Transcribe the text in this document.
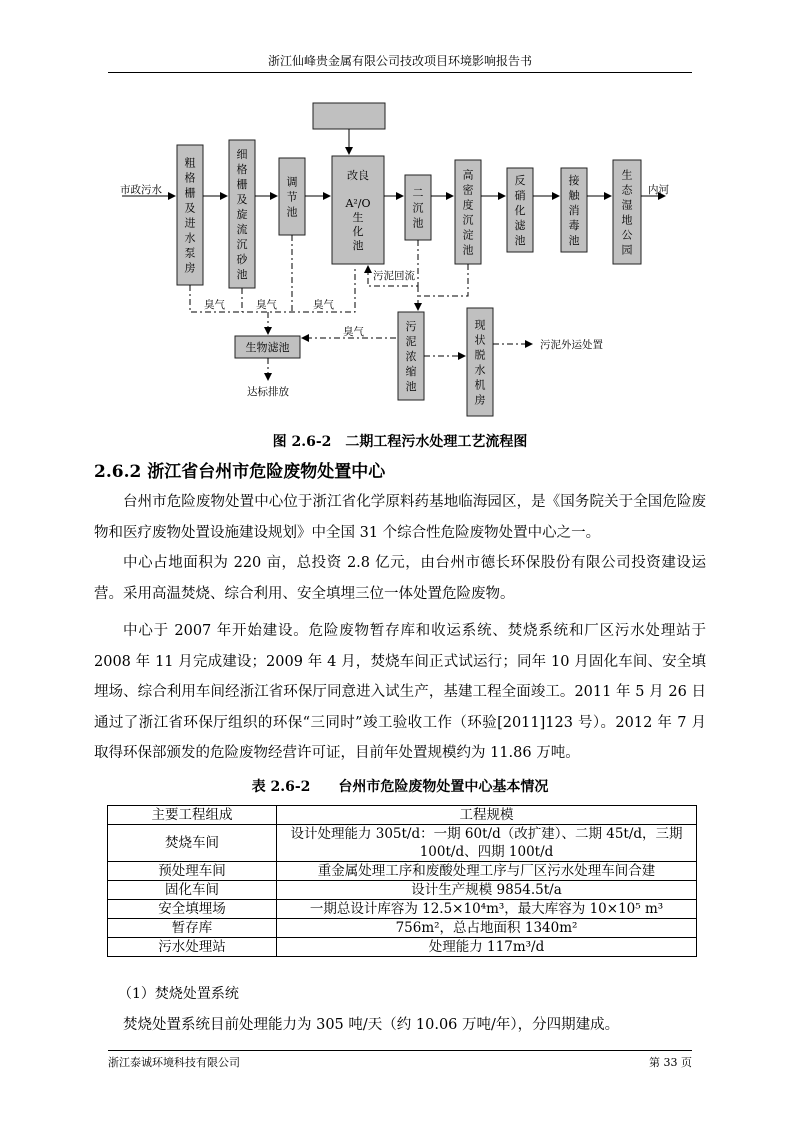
浙江仙峰贵金属有限公司技改项目环境影响报告书
粗
格
栅
及
进
水
泵
房
细
格
栅
及
旋
流
沉
砂
池
调
节
池
改良
A²/O
生
化
池
二
沉
池
高
密
度
沉
淀
池
反
硝
化
滤
池
接
触
消
毒
池
生
态
湿
地
公
园
生物滤池
污
泥
浓
缩
池
现
状
脱
水
机
房
市政污水	内河
污泥回流
污泥外运处置
臭气	臭气	臭气
臭气
达标排放
图 2.6-2　二期工程污水处理工艺流程图
2.6.2 浙江省台州市危险废物处置中心
台州市危险废物处置中心位于浙江省化学原料药基地临海园区，是《国务院关于全国危险废物和医疗废物处置设施建设规划》中全国 31 个综合性危险废物处置中心之一。
中心占地面积为 220 亩，总投资 2.8 亿元，由台州市德长环保股份有限公司投资建设运营。采用高温焚烧、综合利用、安全填埋三位一体处置危险废物。
中心于 2007 年开始建设。危险废物暂存库和收运系统、焚烧系统和厂区污水处理站于 2008 年 11 月完成建设；2009 年 4 月，焚烧车间正式试运行；同年 10 月固化车间、安全填埋场、综合利用车间经浙江省环保厅同意进入试生产，基建工程全面竣工。2011 年 5 月 26 日通过了浙江省环保厅组织的环保“三同时”竣工验收工作（环验[2011]123 号）。2012 年 7 月取得环保部颁发的危险废物经营许可证，目前年处置规模约为 11.86 万吨。
表 2.6-2　　台州市危险废物处置中心基本情况
主要工程组成	工程规模
焚烧车间	设计处理能力 305t/d：一期 60t/d（改扩建）、二期 45t/d，三期 100t/d、四期 100t/d
预处理车间	重金属处理工序和废酸处理工序与厂区污水处理车间合建
固化车间	设计生产规模 9854.5t/a
安全填埋场	一期总设计库容为 12.5×10⁴m³，最大库容为 10×10⁵ m³
暂存库	756m²，总占地面积 1340m²
污水处理站	处理能力 117m³/d
（1）焚烧处置系统
焚烧处置系统目前处理能力为 305 吨/天（约 10.06 万吨/年），分四期建成。
浙江泰诚环境科技有限公司	第 33 页
